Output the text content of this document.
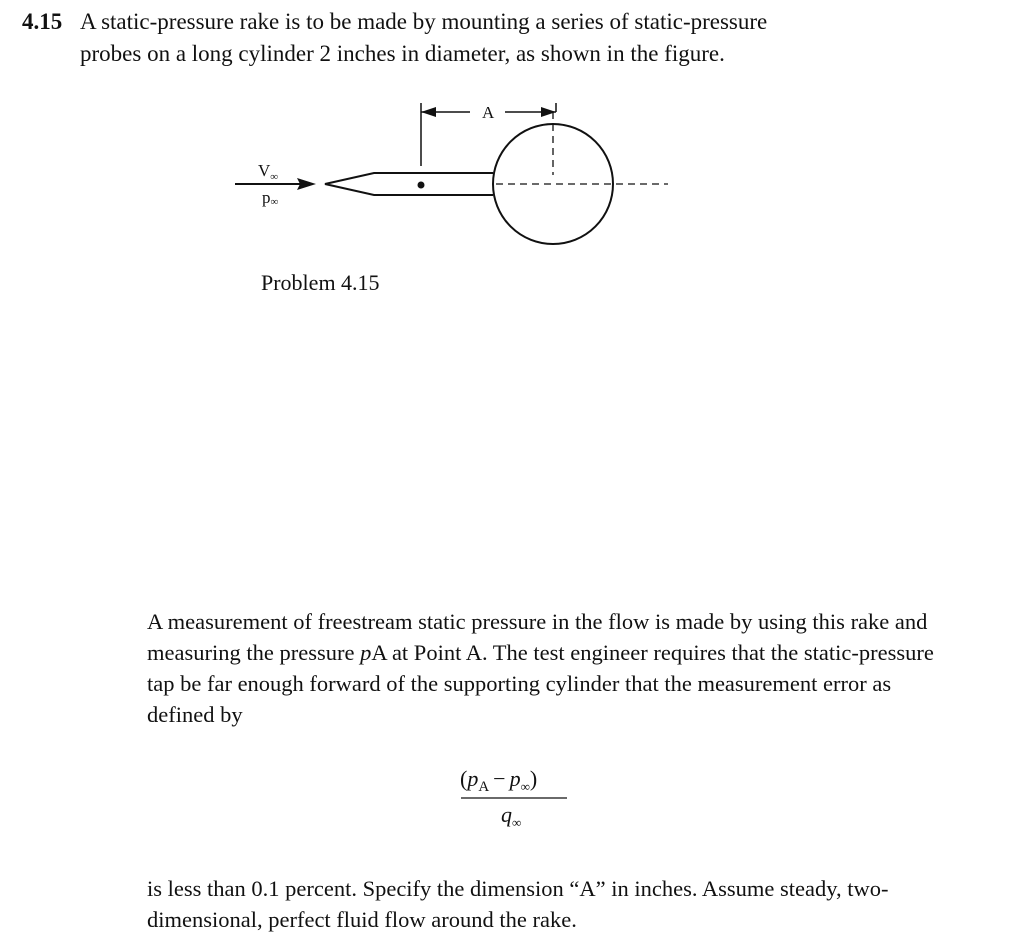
4.15 A static-pressure rake is to be made by mounting a series of static-pressure
probes on a long cylinder 2 inches in diameter, as shown in the figure.
$V_\infty$
p∞
A
Problem 4.15
A measurement of freestream static pressure in the flow is made by using this rake and measuring the pressure pA at Point A. The test engineer requires that the static-pressure tap be far enough forward of the supporting cylinder that the measurement error as defined by
$(p_A - p_\infty)$
$q_\infty$
is less than 0.1 percent. Specify the dimension “A” in inches. Assume steady, two-dimensional, perfect fluid flow around the rake.
